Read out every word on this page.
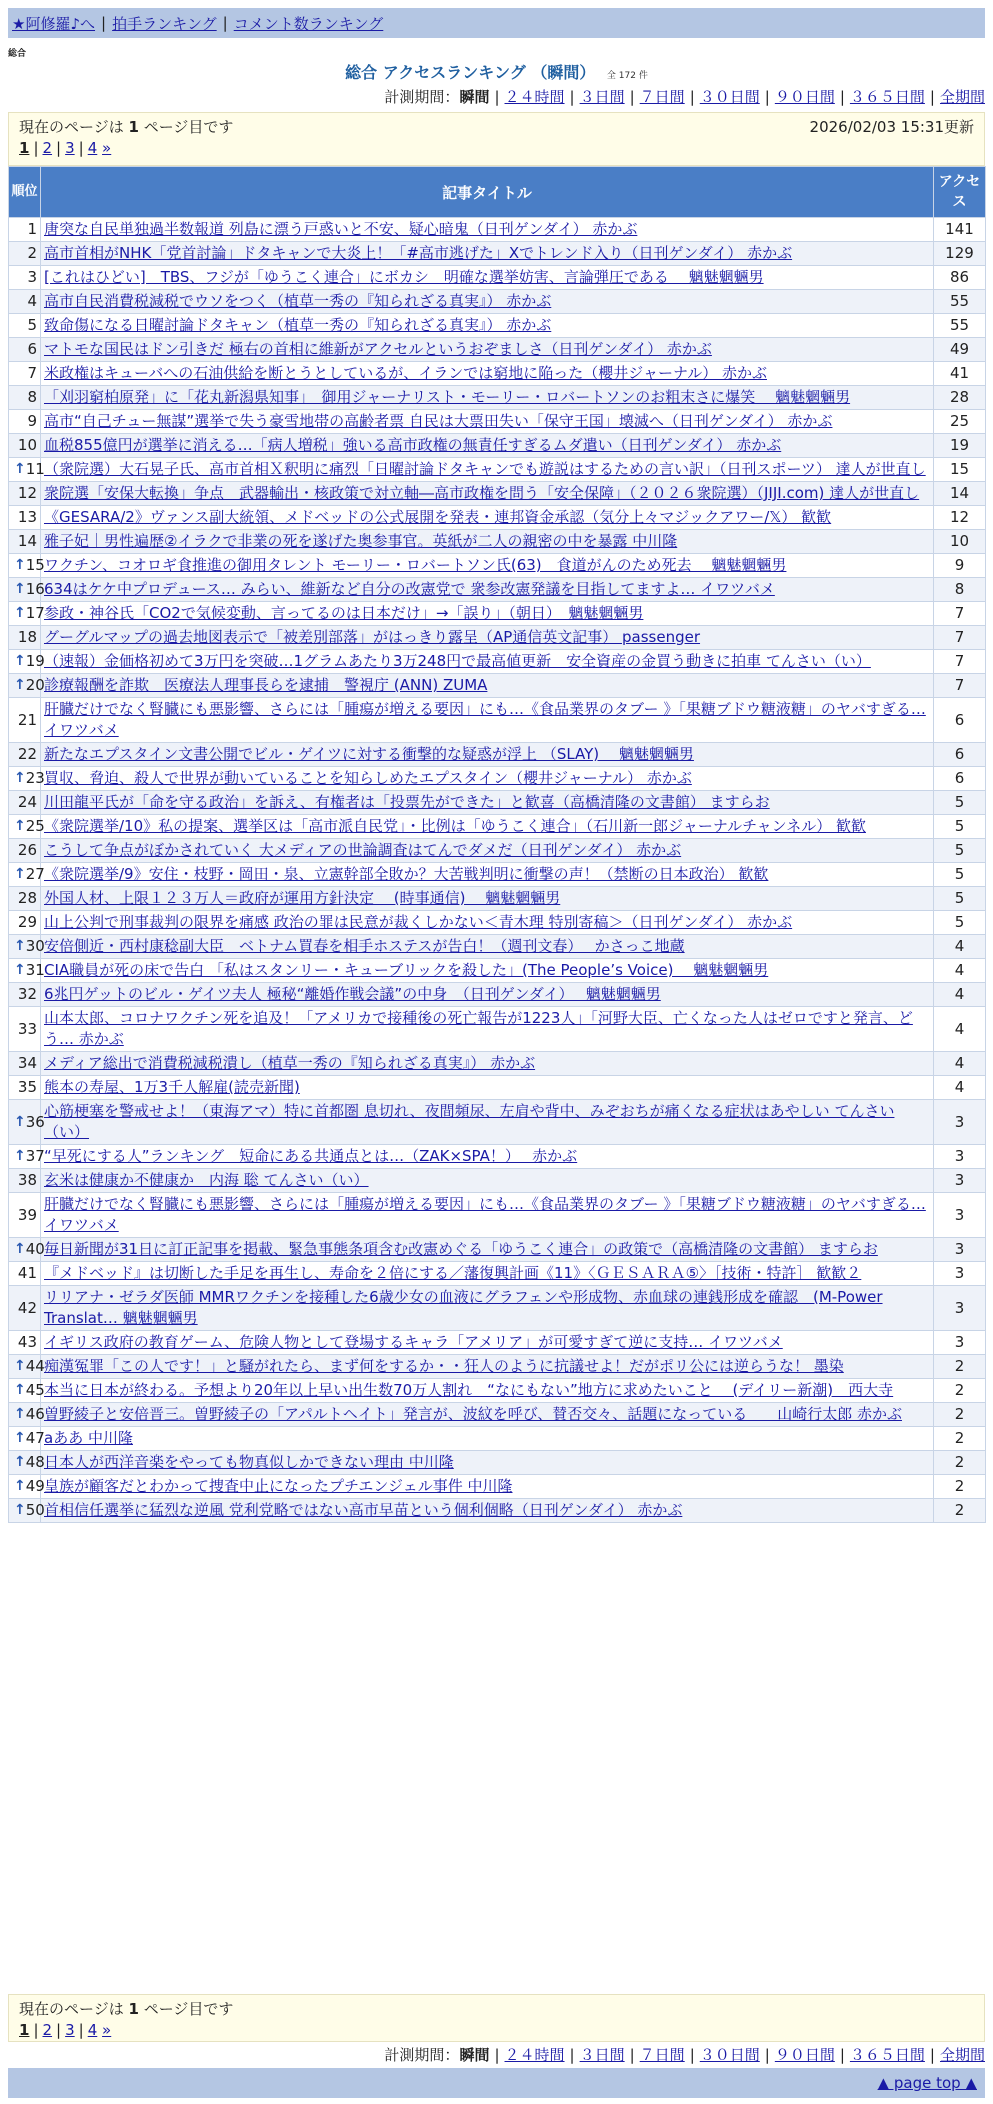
★阿修羅♪へ | 拍手ランキング | コメント数ランキング
総合
総合 アクセスランキング （瞬間） 全 172 件
計測期間：瞬間 | ２４時間 | ３日間 | ７日間 | ３０日間 | ９０日間 | ３６５日間 | 全期間
現在のページは 1 ページ目です	2026/02/03 15:31更新
1 | 2 | 3 | 4 »
順位	記事タイトル	アクセス
1	唐突な自民単独過半数報道 列島に漂う戸惑いと不安、疑心暗鬼（日刊ゲンダイ） 赤かぶ	141
2	高市首相がNHK「党首討論」ドタキャンで大炎上！「#高市逃げた」Xでトレンド入り（日刊ゲンダイ） 赤かぶ	129
3	[これはひどい]　TBS、フジが「ゆうこく連合」にボカシ　明確な選挙妨害、言論弾圧である　 魑魅魍魎男	86
4	高市自民消費税減税でウソをつく（植草一秀の『知られざる真実』） 赤かぶ	55
5	致命傷になる日曜討論ドタキャン（植草一秀の『知られざる真実』） 赤かぶ	55
6	マトモな国民はドン引きだ 極右の首相に維新がアクセルというおぞましさ（日刊ゲンダイ） 赤かぶ	49
7	米政権はキューバへの石油供給を断とうとしているが、イランでは窮地に陥った（櫻井ジャーナル） 赤かぶ	41
8	「刈羽窮柏原発」に「花丸新潟県知事」　御用ジャーナリスト・モーリー・ロバートソンのお粗末さに爆笑　 魑魅魍魎男	28
9	高市“自己チュー無謀”選挙で失う豪雪地帯の高齢者票 自民は大票田失い「保守王国」壊滅へ（日刊ゲンダイ） 赤かぶ	25
10	血税855億円が選挙に消える…「病人増税」強いる高市政権の無責任すぎるムダ遣い（日刊ゲンダイ） 赤かぶ	19

↑ 11	（衆院選）大石晃子氏、高市首相Ｘ釈明に痛烈「日曜討論ドタキャンでも遊説はするための言い訳」（日刊スポーツ） 達人が世直し	15
12	衆院選「安保大転換」争点　武器輸出・核政策で対立軸―高市政権を問う「安全保障」（２０２６衆院選）（JIJI.com) 達人が世直し	14
13	《GESARA/2》ヴァンス副大統領、メドベッドの公式展開を発表・連邦資金承認（気分上々マジックアワー/𝕏） 歓歓	12
14	雅子妃｜男性遍歴②イラクで非業の死を遂げた奥参事官。英紙が二人の親密の中を暴露 中川隆	10

↑ 15	ワクチン、コオロギ食推進の御用タレント モーリー・ロバートソン氏(63)　食道がんのため死去　 魑魅魍魎男	9

↑ 16	634はケケ中プロデュース… みらい、維新など自分の改憲党で 衆参改憲発議を目指してますよ… イワツバメ	8

↑ 17	参政・神谷氏「CO2で気候変動、言ってるのは日本だけ」→「誤り」（朝日）　魑魅魍魎男	7
18	グーグルマップの過去地図表示で「被差別部落」がはっきり露呈（AP通信英文記事） passenger	7

↑ 19	（速報）金価格初めて3万円を突破…1グラムあたり3万248円で最高値更新　安全資産の金買う動きに拍車 てんさい（い）	7

↑ 20	診療報酬を詐欺　医療法人理事長らを逮捕　警視庁 (ANN) ZUMA	7
21	肝臓だけでなく腎臓にも悪影響、さらには「腫瘍が増える要因」にも…《食品業界のタブー 》「果糖ブドウ糖液糖」のヤバすぎる… イワツバメ	6
22	新たなエプスタイン文書公開でビル・ゲイツに対する衝撃的な疑惑が浮上 （SLAY)　 魑魅魍魎男	6

↑ 23	買収、脅迫、殺人で世界が動いていることを知らしめたエプスタイン（櫻井ジャーナル） 赤かぶ	6
24	川田龍平氏が「命を守る政治」を訴え、有権者は「投票先ができた」と歓喜（高橋清隆の文書館） ますらお	5

↑ 25	《衆院選挙/10》私の提案、選挙区は「高市派自民党」・比例は「ゆうこく連合」（石川新一郎ジャーナルチャンネル） 歓歓	5
26	こうして争点がぼかされていく 大メディアの世論調査はてんでダメだ（日刊ゲンダイ） 赤かぶ	5

↑ 27	《衆院選挙/9》安住・枝野・岡田・泉、立憲幹部全敗か？大苦戦判明に衝撃の声！（禁断の日本政治） 歓歓	5
28	外国人材、上限１２３万人＝政府が運用方針決定　 (時事通信) 　魑魅魍魎男	5
29	山上公判で刑事裁判の限界を痛感 政治の罪は民意が裁くしかない＜青木理 特別寄稿＞（日刊ゲンダイ） 赤かぶ	5

↑ 30	安倍側近・西村康稔副大臣　ベトナム買春を相手ホステスが告白！（週刊文春）　 かさっこ地蔵	4

↑ 31	CIA職員が死の床で告白 「私はスタンリー・キューブリックを殺した」(The People’s Voice)　 魑魅魍魎男	4
32	6兆円ゲットのビル・ゲイツ夫人 極秘“離婚作戦会議”の中身　（日刊ゲンダイ）　 魑魅魍魎男	4
33	山本太郎、コロナワクチン死を追及！「アメリカで接種後の死亡報告が1223人」「河野大臣、亡くなった人はゼロですと発言、どう… 赤かぶ	4
34	メディア総出で消費税減税潰し（植草一秀の『知られざる真実』） 赤かぶ	4
35	熊本の寿屋、1万3千人解雇(読売新聞)	4

↑ 36	心筋梗塞を警戒せよ！（東海アマ）特に首都圏 息切れ、夜間頻尿、左肩や背中、みぞおちが痛くなる症状はあやしい てんさい（い）	3

↑ 37	“早死にする人”ランキング　短命にある共通点とは…（ZAK×SPA！）　 赤かぶ	3
38	玄米は健康か不健康か　内海 聡 てんさい（い）	3
39	肝臓だけでなく腎臓にも悪影響、さらには「腫瘍が増える要因」にも…《食品業界のタブー 》「果糖ブドウ糖液糖」のヤバすぎる… イワツバメ	3

↑ 40	毎日新聞が31日に訂正記事を掲載、緊急事態条項含む改憲めぐる「ゆうこく連合」の政策で（高橋清隆の文書館） ますらお	3
41	『メドベッド』は切断した手足を再生し、寿命を２倍にする／藩復興計画《11》〈ＧＥＳＡＲＡ⑤〉［技術・特許］ 歓歓２	3
42	リリアナ・ゼラダ医師 MMRワクチンを接種した6歳少女の血液にグラフェンや形成物、赤血球の連銭形成を確認　(M-Power Translat… 魑魅魍魎男	3
43	イギリス政府の教育ゲーム、危険人物として登場するキャラ「アメリア」が可愛すぎて逆に支持… イワツバメ	3

↑ 44	痴漢冤罪「この人です！」と騒がれたら、まず何をするか・・狂人のように抗議せよ！だがポリ公には逆らうな！ 墨染	2

↑ 45	本当に日本が終わる。予想より20年以上早い出生数70万人割れ　“なにもない”地方に求めたいこと　 (デイリー新潮)　西大寺	2

↑ 46	曽野綾子と安倍晋三。曽野綾子の「アパルトヘイト」発言が、波紋を呼び、賛否交々、話題になっている　　山崎行太郎 赤かぶ	2

↑ 47	aああ 中川隆	2

↑ 48	日本人が西洋音楽をやっても物真似しかできない理由 中川隆	2

↑ 49	皇族が顧客だとわかって捜査中止になったプチエンジェル事件 中川隆	2

↑ 50	首相信任選挙に猛烈な逆風 党利党略ではない高市早苗という個利個略（日刊ゲンダイ） 赤かぶ	2
現在のページは 1 ページ目です
1 | 2 | 3 | 4 »
計測期間：瞬間 | ２４時間 | ３日間 | ７日間 | ３０日間 | ９０日間 | ３６５日間 | 全期間
▲ page top ▲
